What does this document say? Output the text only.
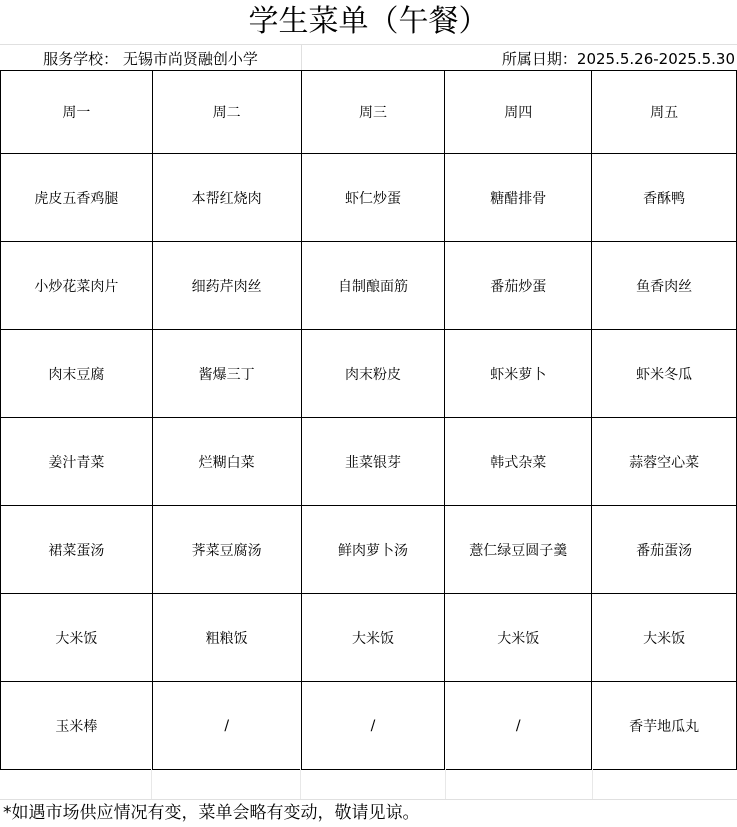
学生菜单（午餐）
服务学校： 无锡市尚贤融创小学	所属日期：2025.5.26-2025.5.30
周一	周二	周三	周四	周五
虎皮五香鸡腿	本帮红烧肉	虾仁炒蛋	糖醋排骨	香酥鸭
小炒花菜肉片	细药芹肉丝	自制酿面筋	番茄炒蛋	鱼香肉丝
肉末豆腐	酱爆三丁	肉末粉皮	虾米萝卜	虾米冬瓜
姜汁青菜	烂糊白菜	韭菜银芽	韩式杂菜	蒜蓉空心菜
裙菜蛋汤	荠菜豆腐汤	鲜肉萝卜汤	薏仁绿豆圆子羹	番茄蛋汤
大米饭	粗粮饭	大米饭	大米饭	大米饭
玉米棒	/	/	/	香芋地瓜丸
*如遇市场供应情况有变，菜单会略有变动，敬请见谅。
